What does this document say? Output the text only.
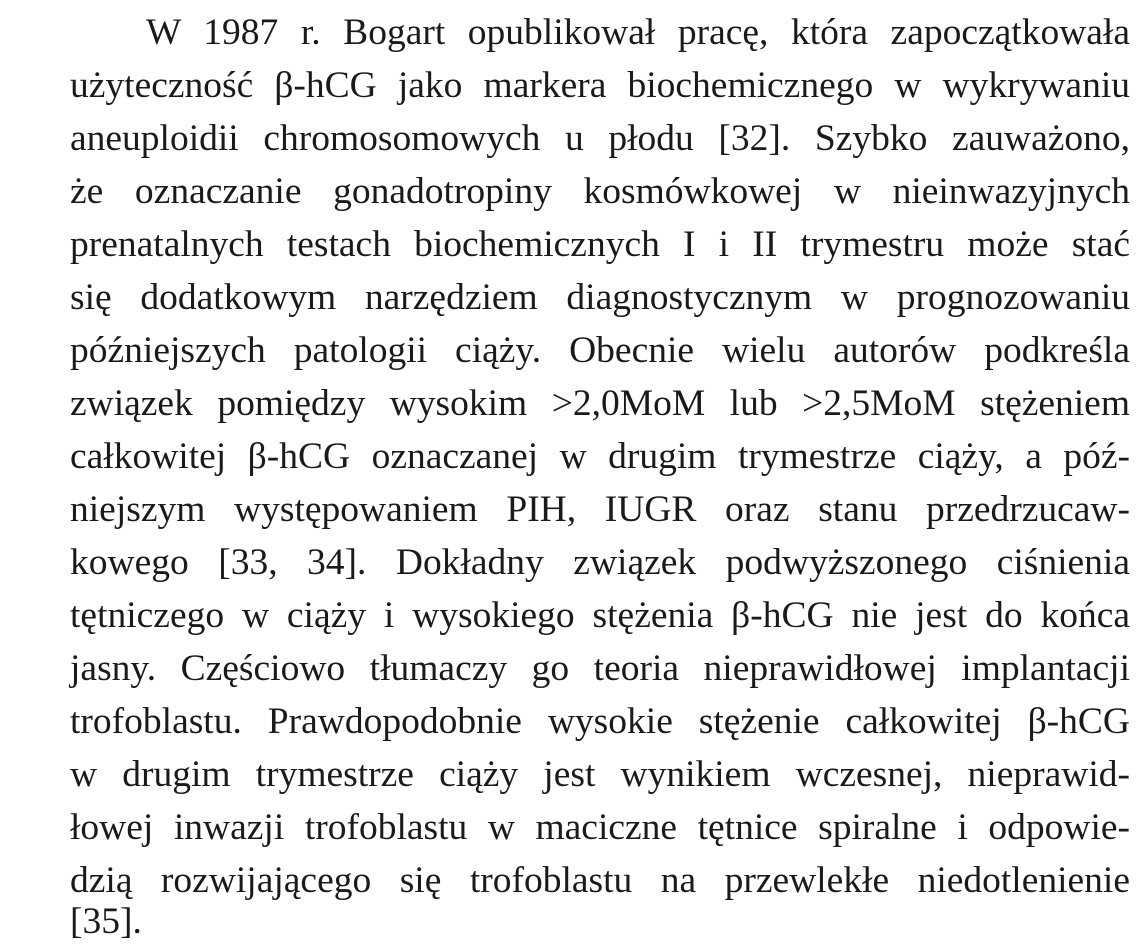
W 1987 r. Bogart opublikował pracę, która zapoczątkowała
użyteczność β-hCG jako markera biochemicznego w wykrywaniu
aneuploidii chromosomowych u płodu [32]. Szybko zauważono,
że oznaczanie gonadotropiny kosmówkowej w nieinwazyjnych
prenatalnych testach biochemicznych I i II trymestru może stać
się dodatkowym narzędziem diagnostycznym w prognozowaniu
późniejszych patologii ciąży. Obecnie wielu autorów podkreśla
związek pomiędzy wysokim >2,0MoM lub >2,5MoM stężeniem
całkowitej β-hCG oznaczanej w drugim trymestrze ciąży, a póź-
niejszym występowaniem PIH, IUGR oraz stanu przedrzucaw-
kowego [33, 34]. Dokładny związek podwyższonego ciśnienia
tętniczego w ciąży i wysokiego stężenia β-hCG nie jest do końca
jasny. Częściowo tłumaczy go teoria nieprawidłowej implantacji
trofoblastu. Prawdopodobnie wysokie stężenie całkowitej β-hCG
w drugim trymestrze ciąży jest wynikiem wczesnej, nieprawid-
łowej inwazji trofoblastu w maciczne tętnice spiralne i odpowie-
dzią rozwijającego się trofoblastu na przewlekłe niedotlenienie
[35].
